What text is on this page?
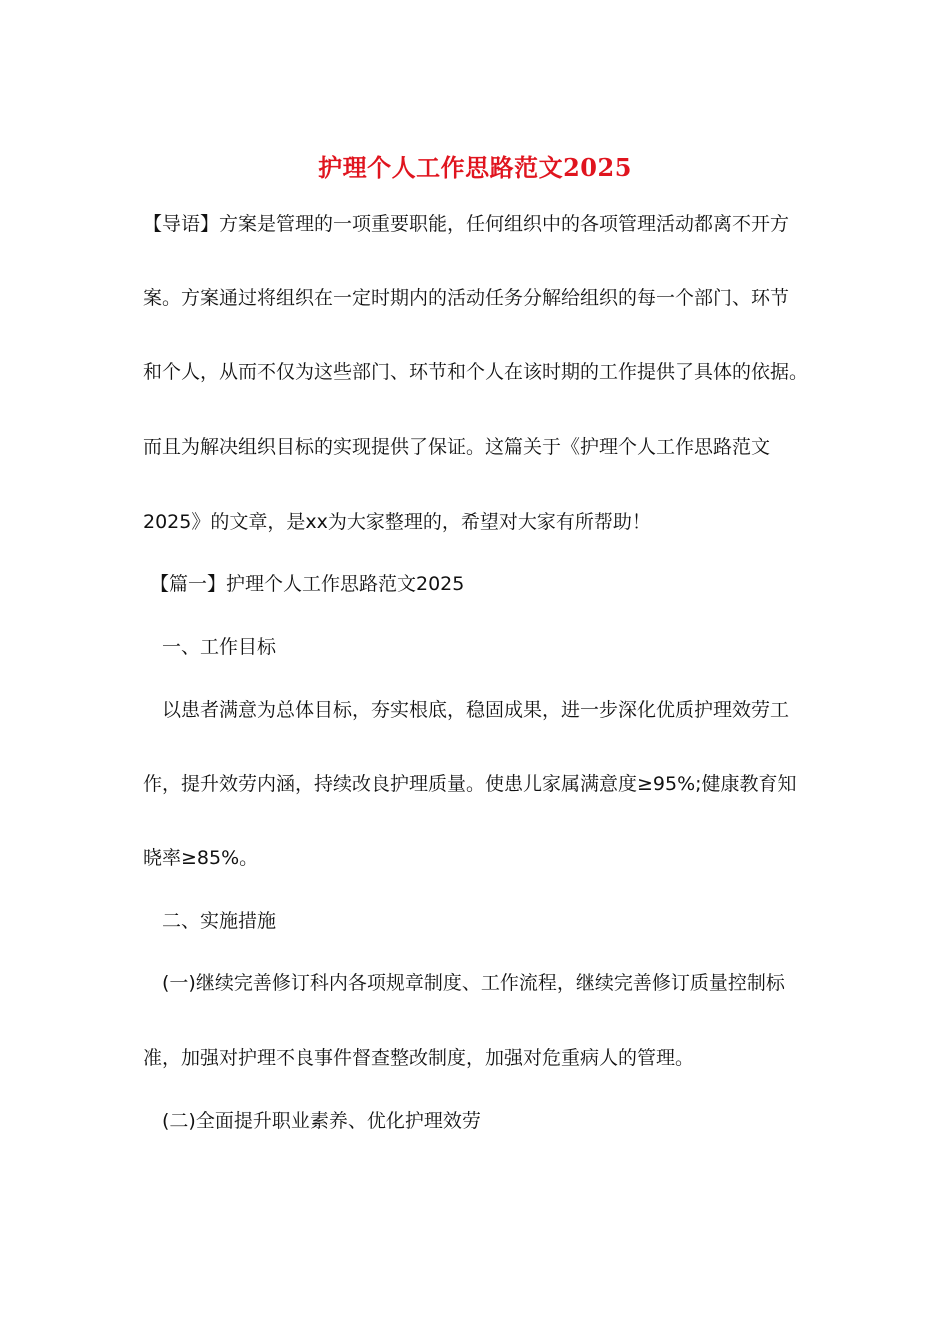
护理个人工作思路范文2025

【导语】方案是管理的一项重要职能，任何组织中的各项管理活动都离不开方

案。方案通过将组织在一定时期内的活动任务分解给组织的每一个部门、环节

和个人，从而不仅为这些部门、环节和个人在该时期的工作提供了具体的依据。

而且为解决组织目标的实现提供了保证。这篇关于《护理个人工作思路范文

2025》的文章，是xx为大家整理的，希望对大家有所帮助！

【篇一】护理个人工作思路范文2025

一、工作目标

以患者满意为总体目标，夯实根底，稳固成果，进一步深化优质护理效劳工

作，提升效劳内涵，持续改良护理质量。使患儿家属满意度≥95%;健康教育知

晓率≥85%。

二、实施措施

(一)继续完善修订科内各项规章制度、工作流程，继续完善修订质量控制标

准，加强对护理不良事件督查整改制度，加强对危重病人的管理。

(二)全面提升职业素养、优化护理效劳
